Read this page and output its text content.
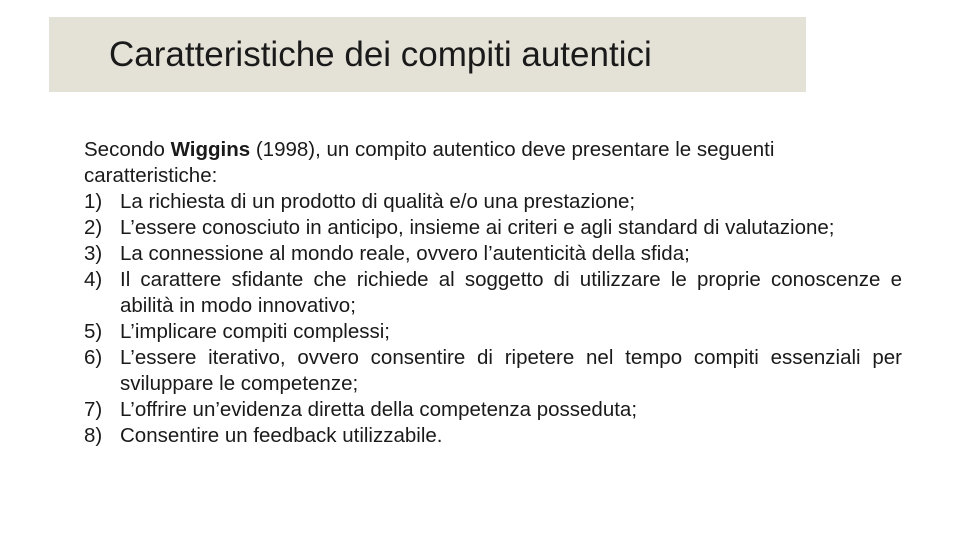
Caratteristiche dei compiti autentici

Secondo Wiggins (1998), un compito autentico deve presentare le seguenti caratteristiche:

1) La richiesta di un prodotto di qualità e/o una prestazione;
2) L’essere conosciuto in anticipo, insieme ai criteri e agli standard di valutazione;
3) La connessione al mondo reale, ovvero l’autenticità della sfida;
4) Il carattere sfidante che richiede al soggetto di utilizzare le proprie conoscenze e abilità in modo innovativo;
5) L’implicare compiti complessi;
6) L’essere iterativo, ovvero consentire di ripetere nel tempo compiti essenziali per sviluppare le competenze;
7) L’offrire un’evidenza diretta della competenza posseduta;
8) Consentire un feedback utilizzabile.
